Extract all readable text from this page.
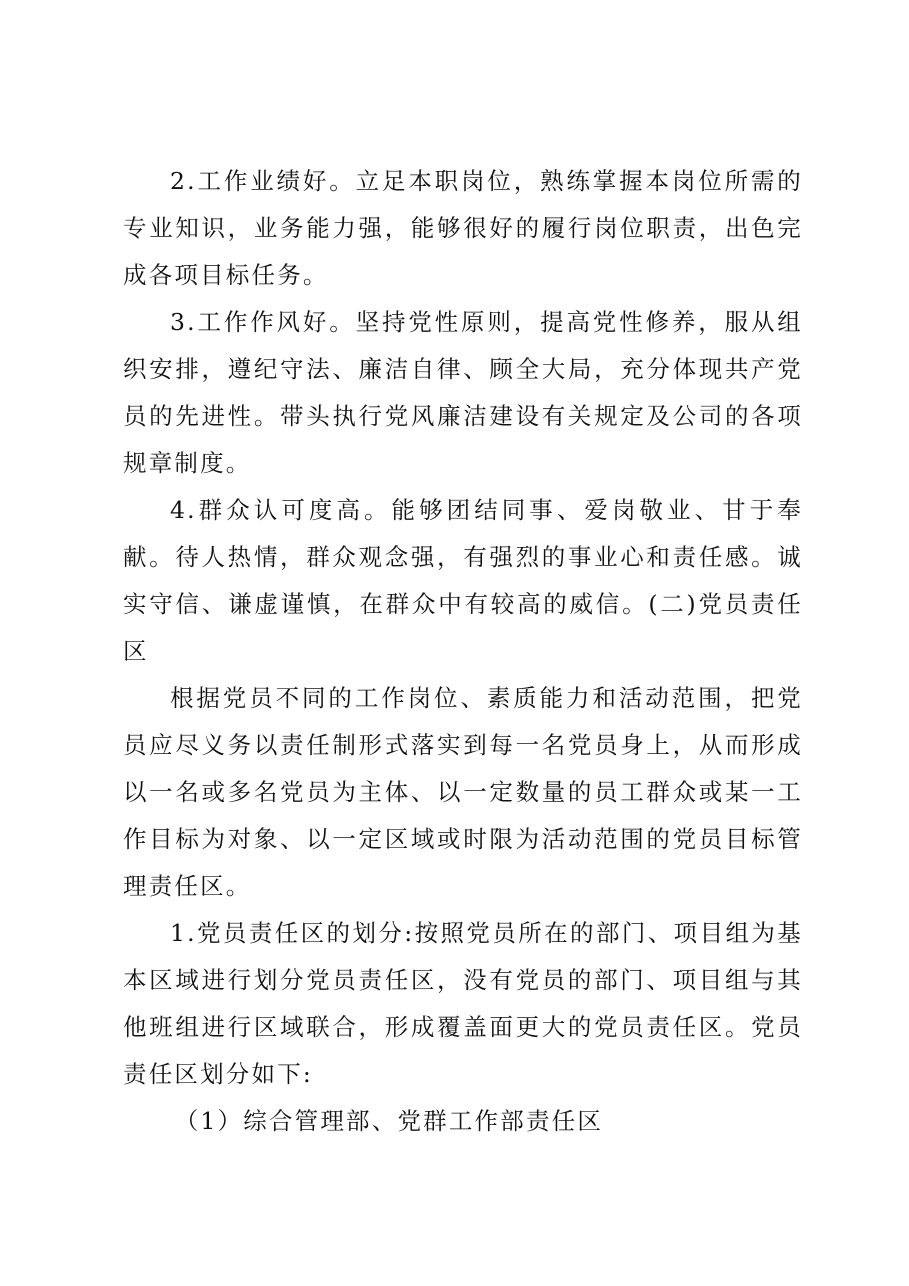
2.工作业绩好。立足本职岗位，熟练掌握本岗位所需的专业知识，业务能力强，能够很好的履行岗位职责，出色完成各项目标任务。

3.工作作风好。坚持党性原则，提高党性修养，服从组织安排，遵纪守法、廉洁自律、顾全大局，充分体现共产党员的先进性。带头执行党风廉洁建设有关规定及公司的各项规章制度。

4.群众认可度高。能够团结同事、爱岗敬业、甘于奉献。待人热情，群众观念强，有强烈的事业心和责任感。诚实守信、谦虚谨慎，在群众中有较高的威信。(二)党员责任区

根据党员不同的工作岗位、素质能力和活动范围，把党员应尽义务以责任制形式落实到每一名党员身上，从而形成以一名或多名党员为主体、以一定数量的员工群众或某一工作目标为对象、以一定区域或时限为活动范围的党员目标管理责任区。

1.党员责任区的划分:按照党员所在的部门、项目组为基本区域进行划分党员责任区，没有党员的部门、项目组与其他班组进行区域联合，形成覆盖面更大的党员责任区。党员责任区划分如下:

（1）综合管理部、党群工作部责任区
